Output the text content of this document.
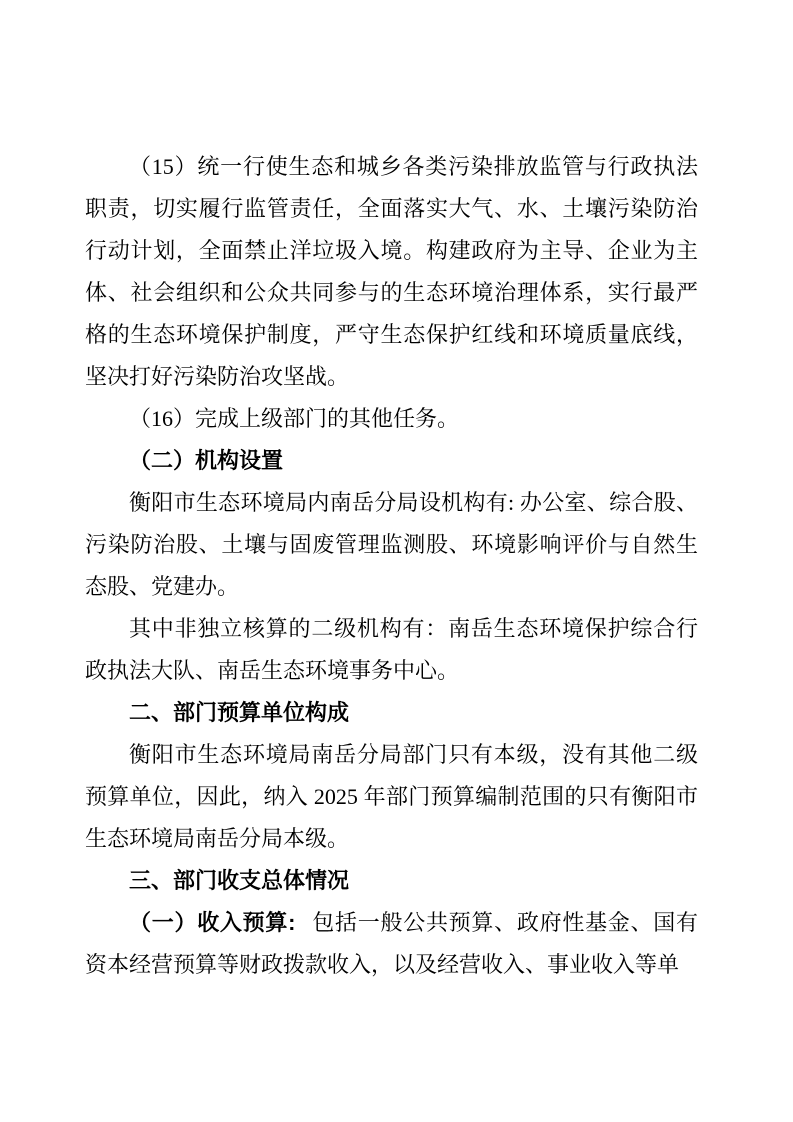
（15）统一行使生态和城乡各类污染排放监管与行政执法职责，切实履行监管责任，全面落实大气、水、土壤污染防治行动计划，全面禁止洋垃圾入境。构建政府为主导、企业为主体、社会组织和公众共同参与的生态环境治理体系，实行最严格的生态环境保护制度，严守生态保护红线和环境质量底线，坚决打好污染防治攻坚战。

（16）完成上级部门的其他任务。

（二）机构设置

衡阳市生态环境局内南岳分局设机构有: 办公室、综合股、污染防治股、土壤与固废管理监测股、环境影响评价与自然生态股、党建办。

其中非独立核算的二级机构有：南岳生态环境保护综合行政执法大队、南岳生态环境事务中心。

二、部门预算单位构成

衡阳市生态环境局南岳分局部门只有本级，没有其他二级预算单位，因此，纳入 2025 年部门预算编制范围的只有衡阳市生态环境局南岳分局本级。

三、部门收支总体情况

（一）收入预算: 包括一般公共预算、政府性基金、国有资本经营预算等财政拨款收入，以及经营收入、事业收入等单
